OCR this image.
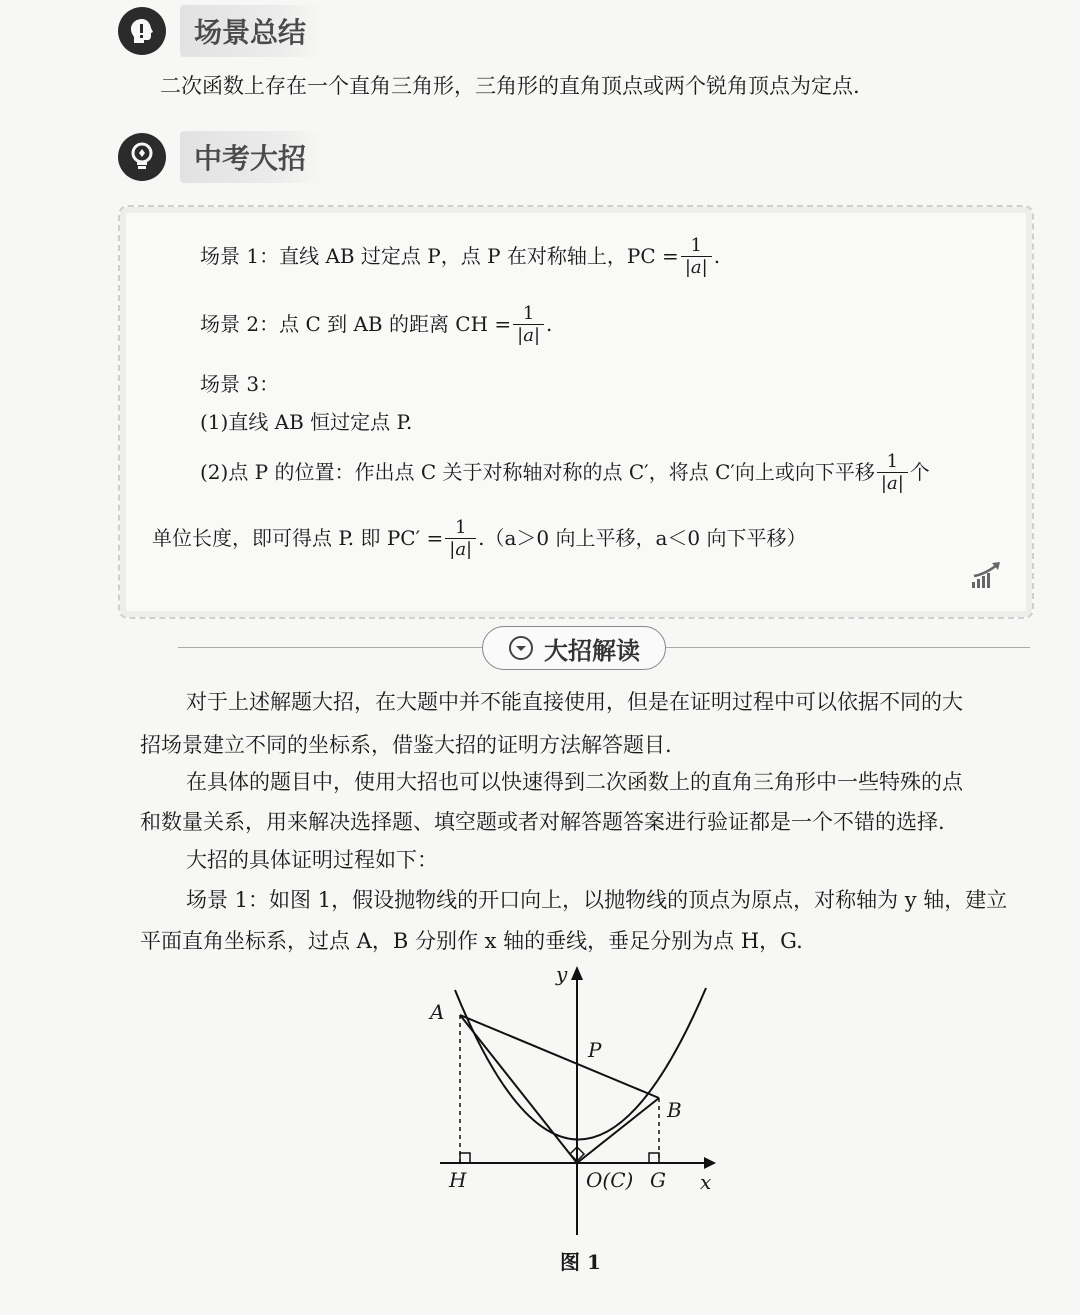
场景总结
二次函数上存在一个直角三角形，三角形的直角顶点或两个锐角顶点为定点.
中考大招
场景 1：直线 AB 过定点 P，点 P 在对称轴上，PC = $\frac{1}{|a|}$ .
场景 2：点 C 到 AB 的距离 CH = $\frac{1}{|a|}$ .
场景 3：
(1)直线 AB 恒过定点 P.
(2)点 P 的位置：作出点 C 关于对称轴对称的点 C′，将点 C′向上或向下平移 $\frac{1}{|a|}$ 个
单位长度，即可得点 P. 即 $PC' = \frac{1}{|a|} .(a>0$ 向上平移，a＜0 向下平移）
大招解读
对于上述解题大招，在大题中并不能直接使用，但是在证明过程中可以依据不同的大
招场景建立不同的坐标系，借鉴大招的证明方法解答题目.
在具体的题目中，使用大招也可以快速得到二次函数上的直角三角形中一些特殊的点
和数量关系，用来解决选择题、填空题或者对解答题答案进行验证都是一个不错的选择.
大招的具体证明过程如下：
场景 1：如图 1，假设抛物线的开口向上，以抛物线的顶点为原点，对称轴为 y 轴，建立
平面直角坐标系，过点 A，B 分别作 x 轴的垂线，垂足分别为点 H，G.
A
P
B
H	O(C) G x
y
图 1
